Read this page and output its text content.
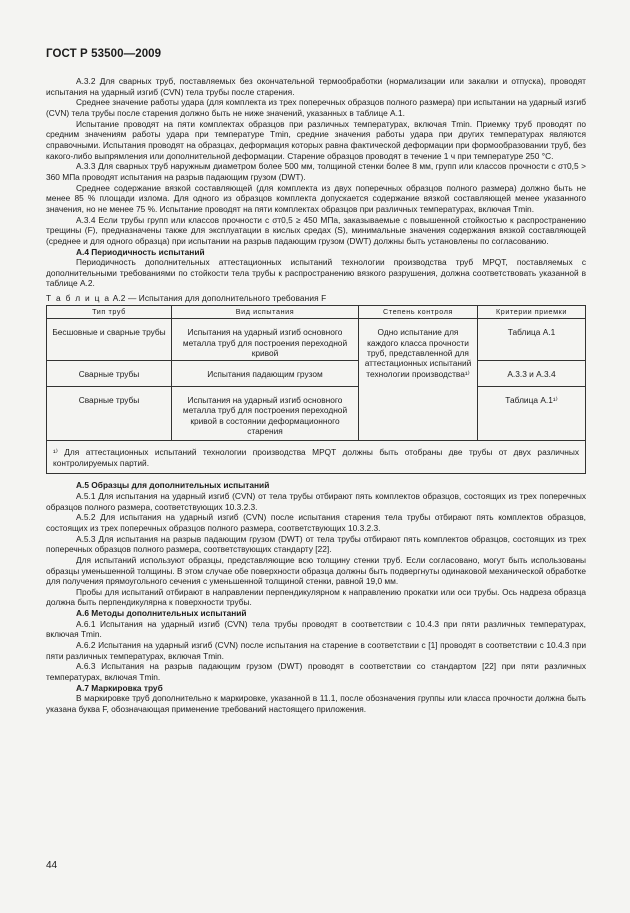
ГОСТ Р 53500—2009

А.3.2 Для сварных труб, поставляемых без окончательной термообработки (нормализации или закалки и отпуска), проводят испытания на ударный изгиб (CVN) тела трубы после старения.

Среднее значение работы удара (для комплекта из трех поперечных образцов полного размера) при испытании на ударный изгиб (CVN) тела трубы после старения должно быть не ниже значений, указанных в таблице А.1.

Испытание проводят на пяти комплектах образцов при различных температурах, включая Tmin. Приемку труб проводят по средним значениям работы удара при температуре Tmin, средние значения работы удара при других температурах являются справочными. Испытания проводят на образцах, деформация которых равна фактической деформации при формообразовании труб, без какого-либо выпрямления или дополнительной деформации. Старение образцов проводят в течение 1 ч при температуре 250 °С.

А.3.3 Для сварных труб наружным диаметром более 500 мм, толщиной стенки более 8 мм, групп или классов прочности с σт0,5 > 360 МПа проводят испытания на разрыв падающим грузом (DWT).

Среднее содержание вязкой составляющей (для комплекта из двух поперечных образцов полного размера) должно быть не менее 85 % площади излома. Для одного из образцов комплекта допускается содержание вязкой составляющей менее указанного значения, но не менее 75 %. Испытание проводят на пяти комплектах образцов при различных температурах, включая Tmin.

А.3.4 Если трубы групп или классов прочности с σт0,5 ≥ 450 МПа, заказываемые с повышенной стойкостью к распространению трещины (F), предназначены также для эксплуатации в кислых средах (S), минимальные значения содержания вязкой составляющей (среднее и для одного образца) при испытании на разрыв падающим грузом (DWT) должны быть установлены по согласованию.

А.4 Периодичность испытаний

Периодичность дополнительных аттестационных испытаний технологии производства труб MPQT, поставляемых с дополнительными требованиями по стойкости тела трубы к распространению вязкого разрушения, должна соответствовать указанной в таблице А.2.

Т а б л и ц а А.2 — Испытания для дополнительного требования F

Тип труб	Вид испытания	Степень контроля	Критерии приемки
Бесшовные и сварные трубы	Испытания на ударный изгиб основного металла труб для построения переходной кривой	Одно испытание для каждого класса прочности труб, представленной для аттестационных испытаний технологии производства¹⁾	Таблица А.1
Сварные трубы	Испытания падающим грузом		А.3.3 и А.3.4
Сварные трубы	Испытания на ударный изгиб основного металла труб для построения переходной кривой в состоянии деформационного старения		Таблица А.1¹⁾
¹⁾ Для аттестационных испытаний технологии производства MPQT должны быть отобраны две трубы от двух различных контролируемых партий.			

А.5 Образцы для дополнительных испытаний

А.5.1 Для испытания на ударный изгиб (CVN) от тела трубы отбирают пять комплектов образцов, состоящих из трех поперечных образцов полного размера, соответствующих 10.3.2.3.

А.5.2 Для испытания на ударный изгиб (CVN) после испытания старения тела трубы отбирают пять комплектов образцов, состоящих из трех поперечных образцов полного размера, соответствующих 10.3.2.3.

А.5.3 Для испытания на разрыв падающим грузом (DWT) от тела трубы отбирают пять комплектов образцов, состоящих из трех поперечных образцов полного размера, соответствующих стандарту [22].

Для испытаний используют образцы, представляющие всю толщину стенки труб. Если согласовано, могут быть использованы образцы уменьшенной толщины. В этом случае обе поверхности образца должны быть подвергнуты одинаковой механической обработке для получения прямоугольного сечения с уменьшенной толщиной стенки, равной 19,0 мм.

Пробы для испытаний отбирают в направлении перпендикулярном к направлению прокатки или оси трубы. Ось надреза образца должна быть перпендикулярна к поверхности трубы.

А.6 Методы дополнительных испытаний

А.6.1 Испытания на ударный изгиб (CVN) тела трубы проводят в соответствии с 10.4.3 при пяти различных температурах, включая Tmin.

А.6.2 Испытания на ударный изгиб (CVN) после испытания на старение в соответствии с [1] проводят в соответствии с 10.4.3 при пяти различных температурах, включая Tmin.

А.6.3 Испытания на разрыв падающим грузом (DWT) проводят в соответствии со стандартом [22] при пяти различных температурах, включая Tmin.

А.7 Маркировка труб

В маркировке труб дополнительно к маркировке, указанной в 11.1, после обозначения группы или класса прочности должна быть указана буква F, обозначающая применение требований настоящего приложения.

44
